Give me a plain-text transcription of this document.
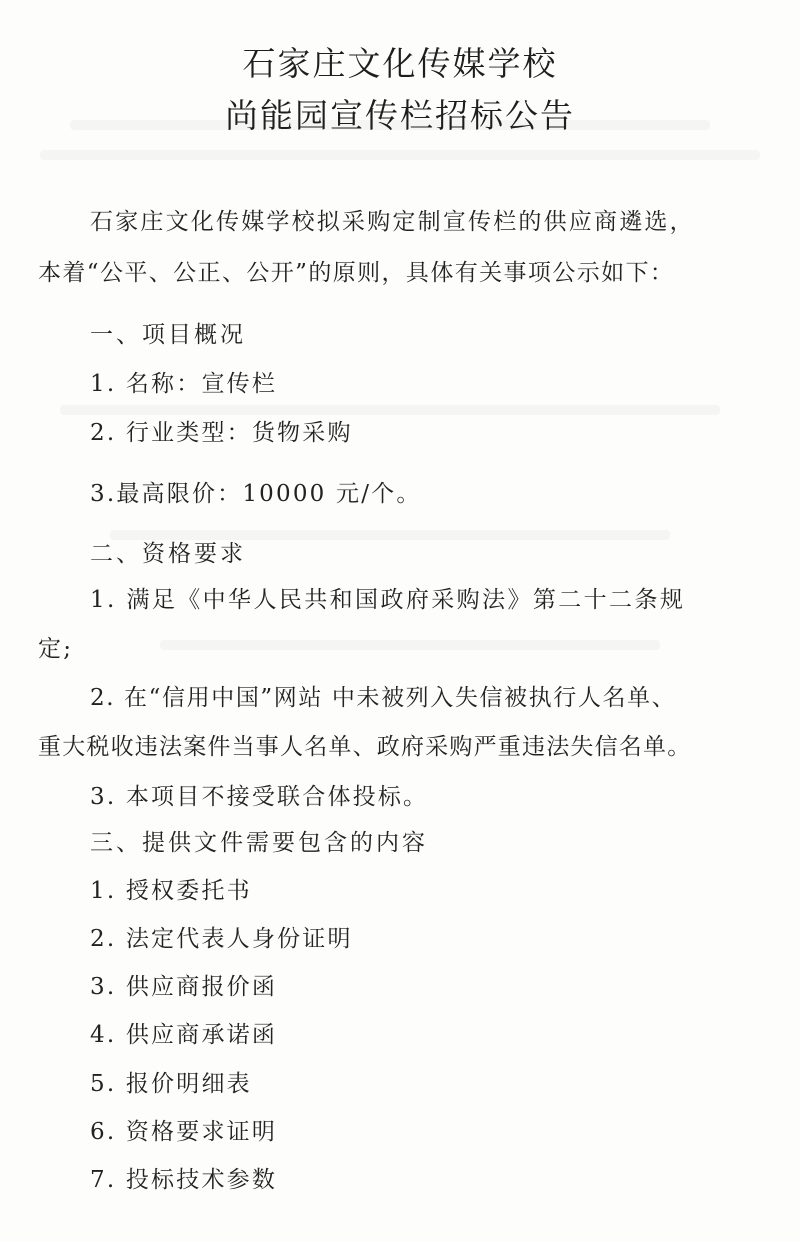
石家庄文化传媒学校
尚能园宣传栏招标公告
石家庄文化传媒学校拟采购定制宣传栏的供应商遴选，
本着“公平、公正、公开”的原则，具体有关事项公示如下：
一、项目概况
1. 名称：宣传栏
2. 行业类型：货物采购
3.最高限价：10000 元/个。
二、资格要求
1. 满足《中华人民共和国政府采购法》第二十二条规
定;
2. 在“信用中国”网站 中未被列入失信被执行人名单、
重大税收违法案件当事人名单、政府采购严重违法失信名单。
3. 本项目不接受联合体投标。
三、提供文件需要包含的内容
1. 授权委托书
2. 法定代表人身份证明
3. 供应商报价函
4. 供应商承诺函
5. 报价明细表
6. 资格要求证明
7. 投标技术参数
